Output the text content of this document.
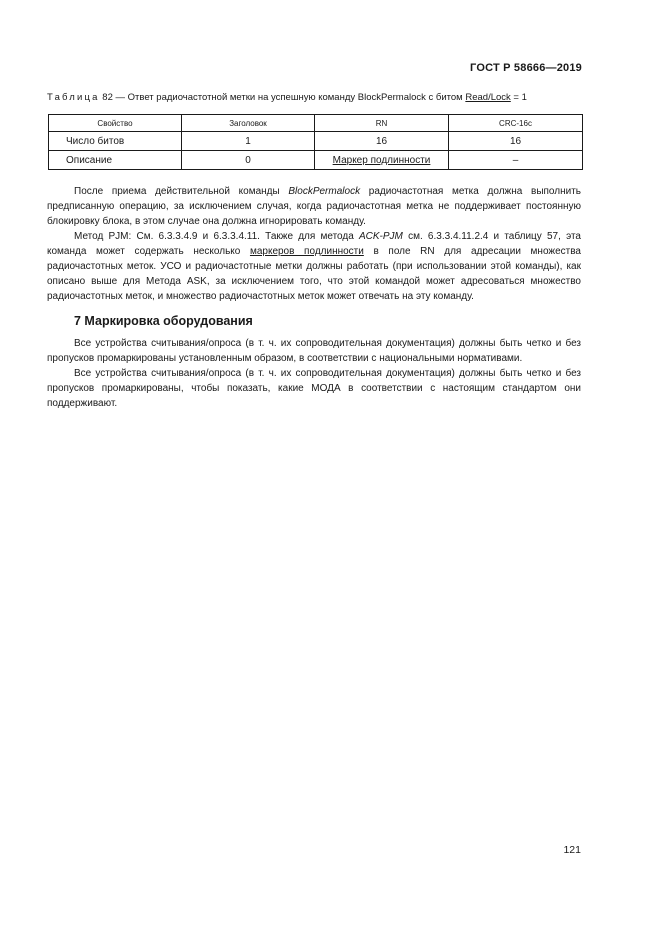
ГОСТ Р 58666—2019
Таблица 82 — Ответ радиочастотной метки на успешную команду BlockPermalock с битом Read/Lock = 1
Свойство	Заголовок	RN	CRC-16c
Число битов	1	16	16
Описание	0	Маркер подлинности	–

После приема действительной команды BlockPermalock радиочастотная метка должна выполнить предписанную операцию, за исключением случая, когда радиочастотная метка не поддерживает постоянную блокировку блока, в этом случае она должна игнорировать команду.

Метод PJM: См. 6.3.3.4.9 и 6.3.3.4.11. Также для метода ACK-PJM см. 6.3.3.4.11.2.4 и таблицу 57, эта команда может содержать несколько маркеров подлинности в поле RN для адресации множества радиочастотных меток. УСО и радиочастотные метки должны работать (при использовании этой команды), как описано выше для Метода ASK, за исключением того, что этой командой может адресоваться множество радиочастотных меток, и множество радиочастотных меток может отвечать на эту команду.

7 Маркировка оборудования

Все устройства считывания/опроса (в т. ч. их сопроводительная документация) должны быть четко и без пропусков промаркированы установленным образом, в соответствии с национальными нормативами.

Все устройства считывания/опроса (в т. ч. их сопроводительная документация) должны быть четко и без пропусков промаркированы, чтобы показать, какие МОДА в соответствии с настоящим стандартом они поддерживают.

121
